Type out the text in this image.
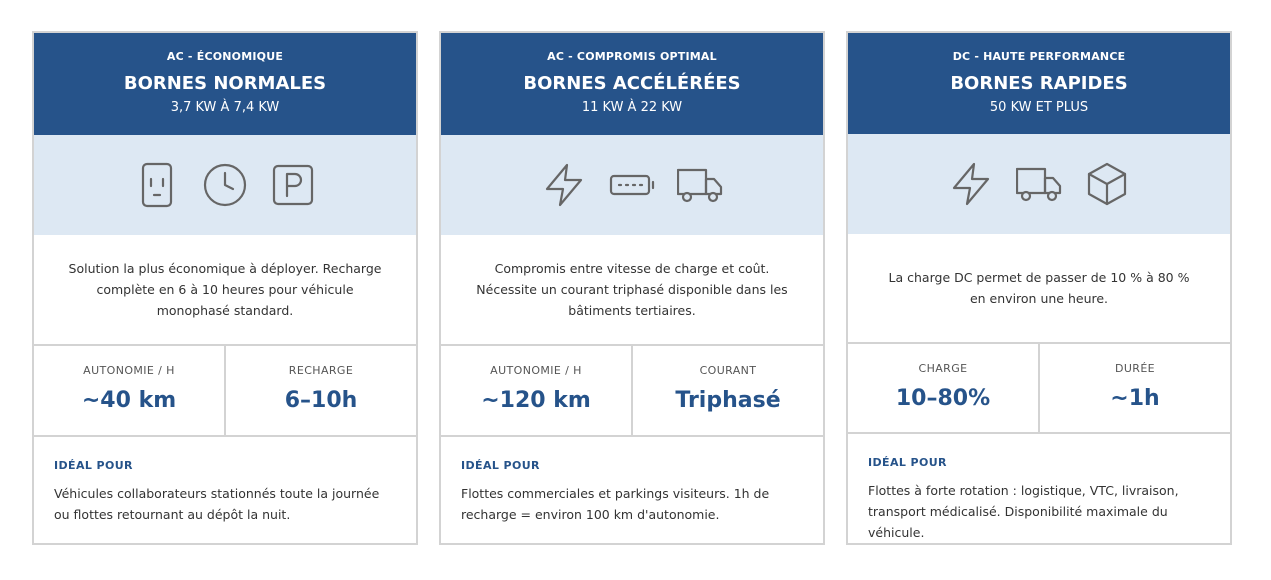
AC - ÉCONOMIQUE
BORNES NORMALES
3,7 KW À 7,4 KW
Solution la plus économique à déployer. Recharge complète en 6 à 10 heures pour véhicule monophasé standard.
AUTONOMIE / H
~40 km
RECHARGE
6–10h
IDÉAL POUR
Véhicules collaborateurs stationnés toute la journée ou flottes retournant au dépôt la nuit.
AC - COMPROMIS OPTIMAL
BORNES ACCÉLÉRÉES
11 KW À 22 KW
Compromis entre vitesse de charge et coût. Nécessite un courant triphasé disponible dans les bâtiments tertiaires.
AUTONOMIE / H
~120 km
COURANT
Triphasé
IDÉAL POUR
Flottes commerciales et parkings visiteurs. 1h de recharge = environ 100 km d'autonomie.
DC - HAUTE PERFORMANCE
BORNES RAPIDES
50 KW ET PLUS
La charge DC permet de passer de 10 % à 80 % en environ une heure.
CHARGE
10–80%
DURÉE
~1h
IDÉAL POUR
Flottes à forte rotation : logistique, VTC, livraison, transport médicalisé. Disponibilité maximale du véhicule.
